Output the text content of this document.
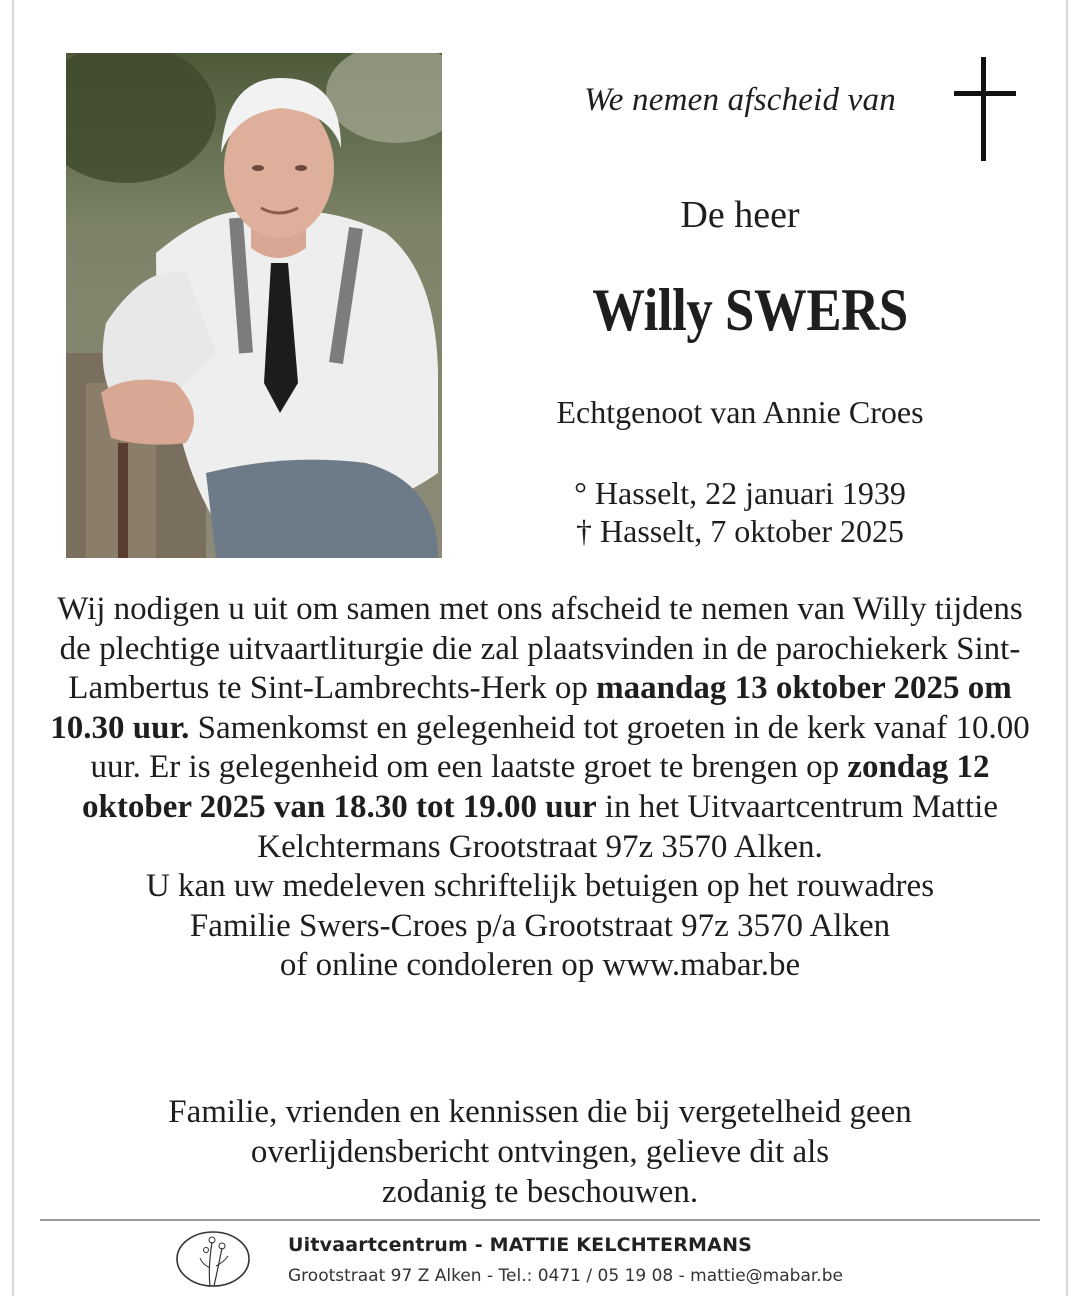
We nemen afscheid van
De heer
Willy SWERS
Echtgenoot van Annie Croes
° Hasselt, 22 januari 1939
† Hasselt, 7 oktober 2025
Wij nodigen u uit om samen met ons afscheid te nemen van Willy tijdens de plechtige uitvaartliturgie die zal plaatsvinden in de parochiekerk Sint-Lambertus te Sint-Lambrechts-Herk op maandag 13 oktober 2025 om 10.30 uur. Samenkomst en gelegenheid tot groeten in de kerk vanaf 10.00 uur. Er is gelegenheid om een laatste groet te brengen op zondag 12 oktober 2025 van 18.30 tot 19.00 uur in het Uitvaartcentrum Mattie Kelchtermans Grootstraat 97z 3570 Alken.
U kan uw medeleven schriftelijk betuigen op het rouwadres
Familie Swers-Croes p/a Grootstraat 97z 3570 Alken
of online condoleren op www.mabar.be
Familie, vrienden en kennissen die bij vergetelheid geen
overlijdensbericht ontvingen, gelieve dit als
zodanig te beschouwen.
Uitvaartcentrum - MATTIE KELCHTERMANS
Grootstraat 97 Z Alken - Tel.: 0471 / 05 19 08 - mattie@mabar.be
